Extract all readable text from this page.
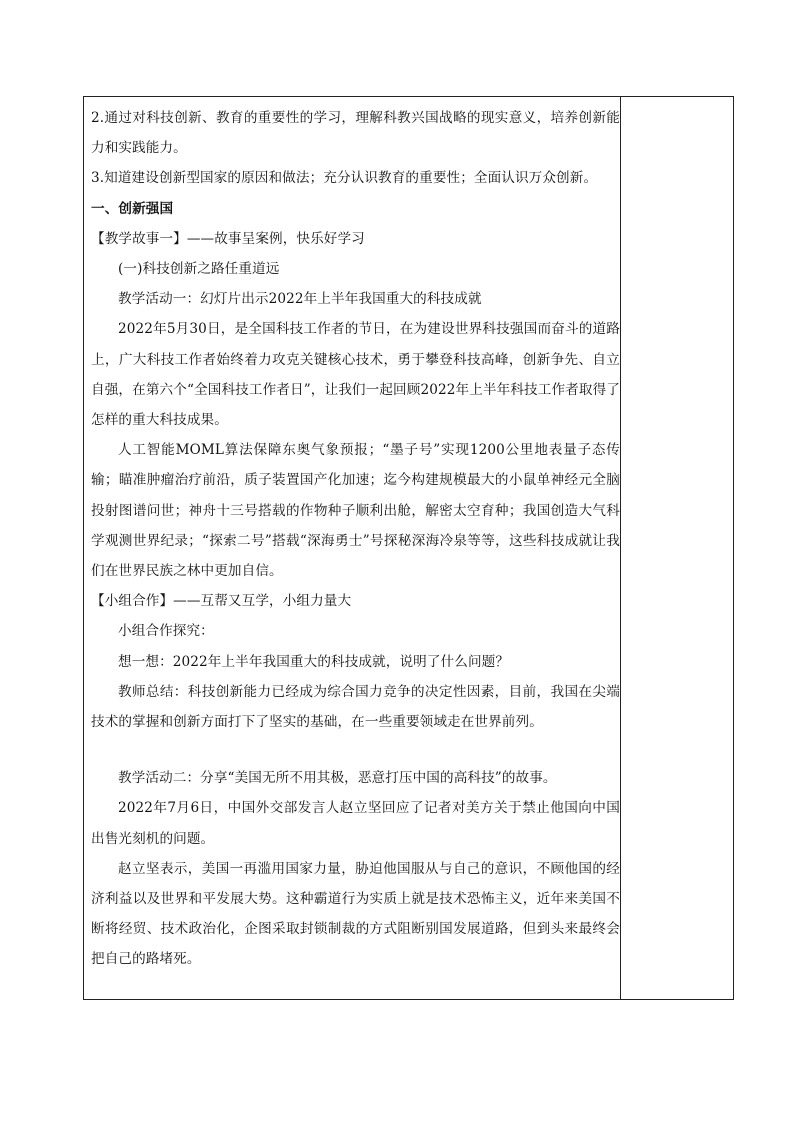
2.通过对科技创新、教育的重要性的学习，理解科教兴国战略的现实意义，培养创新能力和实践能力。

3.知道建设创新型国家的原因和做法；充分认识教育的重要性；全面认识万众创新。

一、创新强国

【教学故事一】——故事呈案例，快乐好学习

(一)科技创新之路任重道远

教学活动一：幻灯片出示2022年上半年我国重大的科技成就

2022年5月30日，是全国科技工作者的节日，在为建设世界科技强国而奋斗的道路上，广大科技工作者始终着力攻克关键核心技术，勇于攀登科技高峰，创新争先、自立自强，在第六个“全国科技工作者日”，让我们一起回顾2022年上半年科技工作者取得了怎样的重大科技成果。

人工智能MOML算法保障东奥气象预报；“墨子号”实现1200公里地表量子态传输；瞄准肿瘤治疗前沿，质子装置国产化加速；迄今构建规模最大的小鼠单神经元全脑投射图谱问世；神舟十三号搭载的作物种子顺利出舱，解密太空育种；我国创造大气科学观测世界纪录；“探索二号”搭载“深海勇士”号探秘深海冷泉等等，这些科技成就让我们在世界民族之林中更加自信。

【小组合作】——互帮又互学，小组力量大

小组合作探究：

想一想：2022年上半年我国重大的科技成就，说明了什么问题？

教师总结：科技创新能力已经成为综合国力竞争的决定性因素，目前，我国在尖端技术的掌握和创新方面打下了坚实的基础，在一些重要领域走在世界前列。

教学活动二：分享“美国无所不用其极，恶意打压中国的高科技”的故事。

2022年7月6日，中国外交部发言人赵立坚回应了记者对美方关于禁止他国向中国出售光刻机的问题。

赵立坚表示，美国一再滥用国家力量，胁迫他国服从与自己的意识，不顾他国的经济利益以及世界和平发展大势。这种霸道行为实质上就是技术恐怖主义，近年来美国不断将经贸、技术政治化，企图采取封锁制裁的方式阻断别国发展道路，但到头来最终会把自己的路堵死。
